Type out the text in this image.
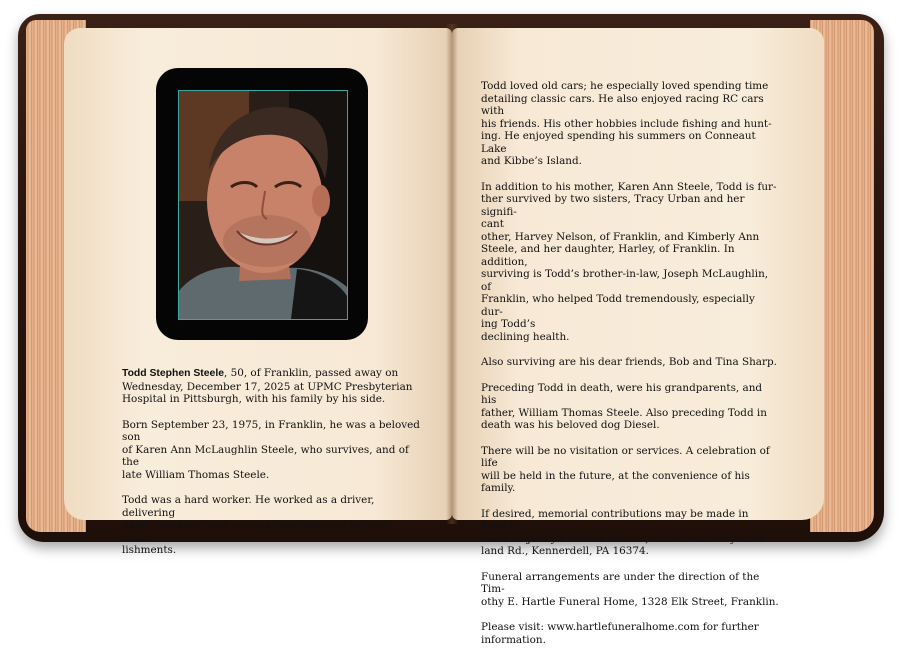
Todd Stephen Steele, 50, of Franklin, passed away on
Wednesday, December 17, 2025 at UPMC Presbyterian
Hospital in Pittsburgh, with his family by his side.

Born September 23, 1975, in Franklin, he was a beloved son
of Karen Ann McLaughlin Steele, who survives, and of the
late William Thomas Steele.

Todd was a hard worker. He worked as a driver, delivering
paper, supplies, and various food products to local estab-
lishments.

Todd loved old cars; he especially loved spending time
detailing classic cars. He also enjoyed racing RC cars with
his friends. His other hobbies include fishing and hunt-
ing. He enjoyed spending his summers on Conneaut Lake
and Kibbe’s Island.

In addition to his mother, Karen Ann Steele, Todd is fur-
ther survived by two sisters, Tracy Urban and her signifi-
cant
other, Harvey Nelson, of Franklin, and Kimberly Ann
Steele, and her daughter, Harley, of Franklin. In addition,
surviving is Todd’s brother-in-law, Joseph McLaughlin, of
Franklin, who helped Todd tremendously, especially dur-
ing Todd’s
declining health.

Also surviving are his dear friends, Bob and Tina Sharp.

Preceding Todd in death, were his grandparents, and his
father, William Thomas Steele. Also preceding Todd in
death was his beloved dog Diesel.

There will be no visitation or services. A celebration of life
will be held in the future, at the convenience of his family.

If desired, memorial contributions may be made in Todd’s
name to Jenny’s Dream Rescue, 2025 Cranberry Rock-
land Rd., Kennerdell, PA 16374.

Funeral arrangements are under the direction of the Tim-
othy E. Hartle Funeral Home, 1328 Elk Street, Franklin.

Please visit: www.hartlefuneralhome.com for further
information.
